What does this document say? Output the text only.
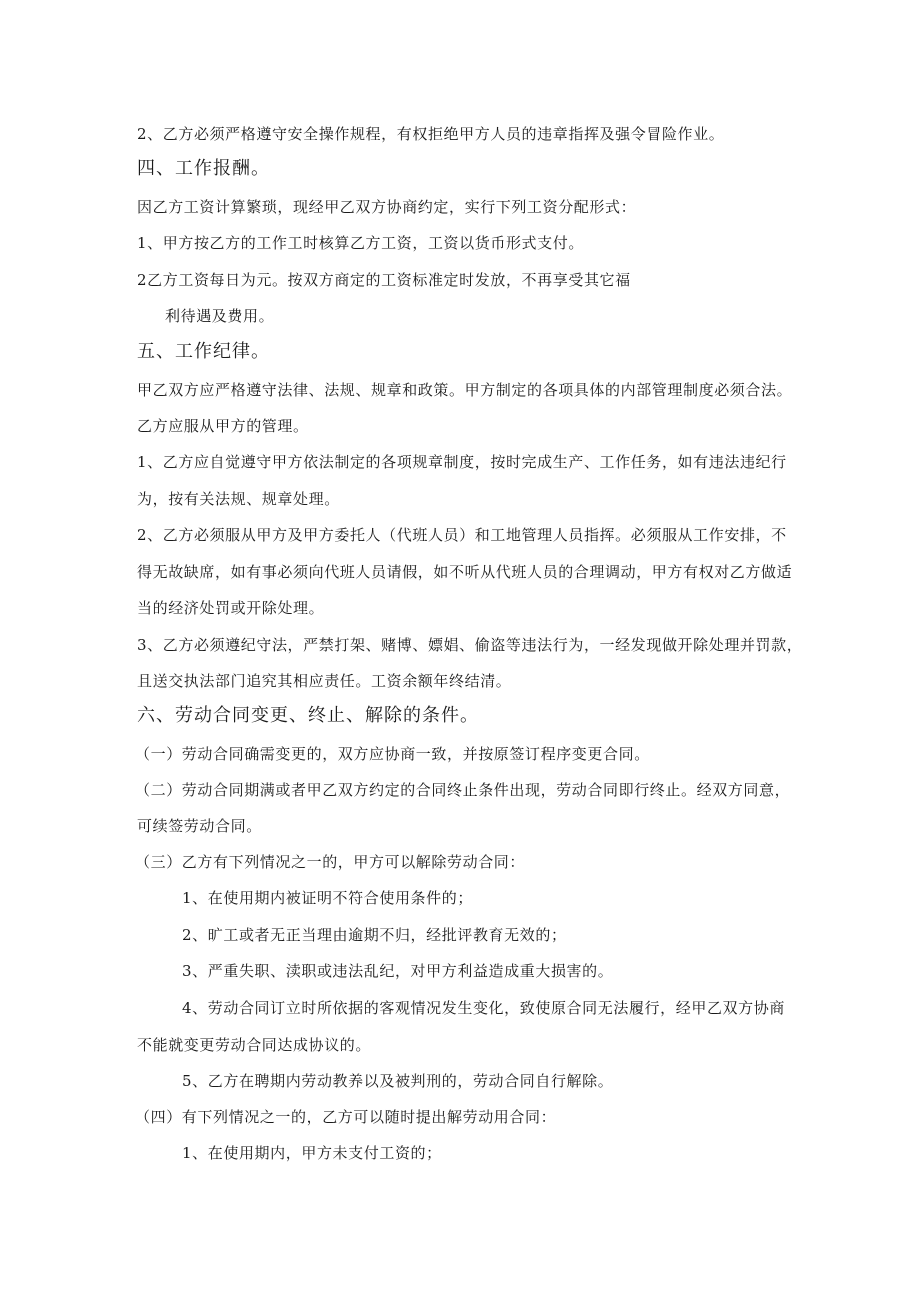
2、乙方必须严格遵守安全操作规程，有权拒绝甲方人员的违章指挥及强令冒险作业。
四、工作报酬。
因乙方工资计算繁琐，现经甲乙双方协商约定，实行下列工资分配形式：
1、甲方按乙方的工作工时核算乙方工资，工资以货币形式支付。
2乙方工资每日为元。按双方商定的工资标准定时发放，不再享受其它福
利待遇及费用。
五、工作纪律。
甲乙双方应严格遵守法律、法规、规章和政策。甲方制定的各项具体的内部管理制度必须合法。
乙方应服从甲方的管理。
1、乙方应自觉遵守甲方依法制定的各项规章制度，按时完成生产、工作任务，如有违法违纪行
为，按有关法规、规章处理。
2、乙方必须服从甲方及甲方委托人（代班人员）和工地管理人员指挥。必须服从工作安排，不
得无故缺席，如有事必须向代班人员请假，如不听从代班人员的合理调动，甲方有权对乙方做适
当的经济处罚或开除处理。
3、乙方必须遵纪守法，严禁打架、赌博、嫖娼、偷盗等违法行为，一经发现做开除处理并罚款，
且送交执法部门追究其相应责任。工资余额年终结清。
六、劳动合同变更、终止、解除的条件。
（一）劳动合同确需变更的，双方应协商一致，并按原签订程序变更合同。
（二）劳动合同期满或者甲乙双方约定的合同终止条件出现，劳动合同即行终止。经双方同意，
可续签劳动合同。
（三）乙方有下列情况之一的，甲方可以解除劳动合同：
1、在使用期内被证明不符合使用条件的；
2、旷工或者无正当理由逾期不归，经批评教育无效的；
3、严重失职、渎职或违法乱纪，对甲方利益造成重大损害的。
4、劳动合同订立时所依据的客观情况发生变化，致使原合同无法履行，经甲乙双方协商
不能就变更劳动合同达成协议的。
5、乙方在聘期内劳动教养以及被判刑的，劳动合同自行解除。
（四）有下列情况之一的，乙方可以随时提出解劳动用合同：
1、在使用期内，甲方未支付工资的；
